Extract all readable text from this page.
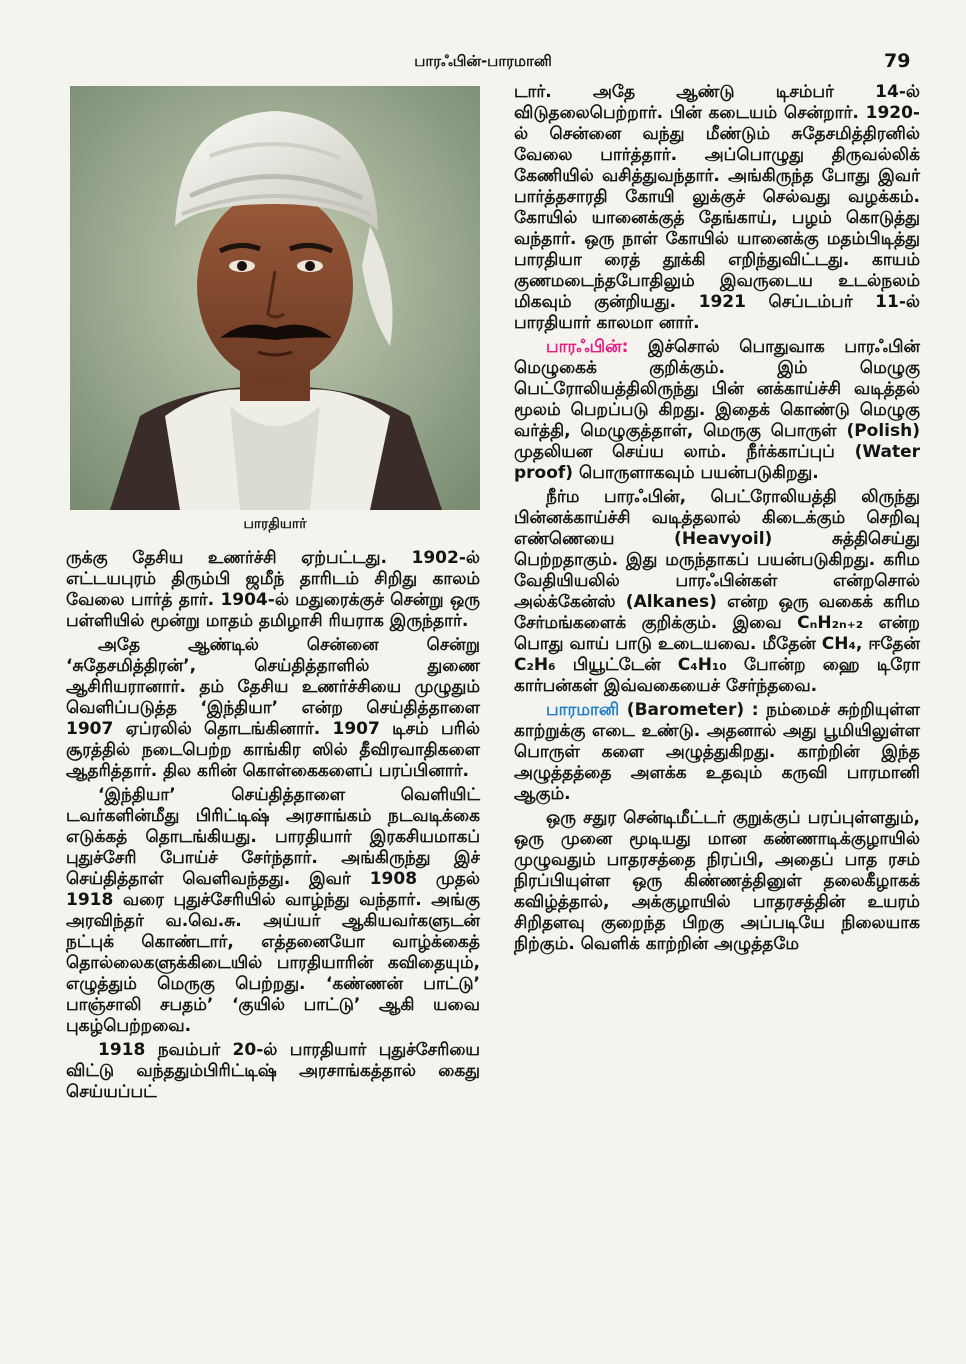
பாரஃபின்-பாரமானி	79
பாரதியார்

ருக்கு தேசிய உணர்ச்சி ஏற்பட்டது. 1902-ல் எட்டயபுரம் திரும்பி ஜமீந் தாரிடம் சிறிது காலம் வேலை பார்த் தார். 1904-ல் மதுரைக்குச் சென்று ஒரு பள்ளியில் மூன்று மாதம் தமிழாசி ரியராக இருந்தார்.

அதே ஆண்டில் சென்னை சென்று ‘சுதேசமித்திரன்’, செய்தித்தாளில் துணை ஆசிரியரானார். தம் தேசிய உணர்ச்சியை முழுதும் வெளிப்படுத்த ‘இந்தியா’ என்ற செய்தித்தாளை 1907 ஏப்ரலில் தொடங்கினார். 1907 டிசம் பரில் சூரத்தில் நடைபெற்ற காங்கிர ஸில் தீவிரவாதிகளை ஆதரித்தார். தில கரின் கொள்கைகளைப் பரப்பினார்.

‘இந்தியா’ செய்தித்தாளை வெளியிட் டவர்களின்மீது பிரிட்டிஷ் அரசாங்கம் நடவடிக்கை எடுக்கத் தொடங்கியது. பாரதியார் இரகசியமாகப் புதுச்சேரி போய்ச் சேர்ந்தார். அங்கிருந்து இச் செய்தித்தாள் வெளிவந்தது. இவர் 1908 முதல் 1918 வரை புதுச்சேரியில் வாழ்ந்து வந்தார். அங்கு அரவிந்தர் வ.வெ.சு. அய்யர் ஆகியவர்களுடன் நட்புக் கொண்டார், எத்தனையோ வாழ்க்கைத் தொல்லைகளுக்கிடையில் பாரதியாரின் கவிதையும், எழுத்தும் மெருகு பெற்றது. ‘கண்ணன் பாட்டு’ பாஞ்சாலி சபதம்’ ‘குயில் பாட்டு’ ஆகி யவை புகழ்பெற்றவை.

1918 நவம்பர் 20-ல் பாரதியார் புதுச்சேரியை விட்டு வந்ததும்பிரிட்டிஷ் அரசாங்கத்தால் கைது செய்யப்பட்

டார். அதே ஆண்டு டிசம்பர் 14-ல் விடுதலைபெற்றார். பின் கடையம் சென்றார். 1920-ல் சென்னை வந்து மீண்டும் சுதேசமித்திரனில் வேலை பார்த்தார். அப்பொழுது திருவல்லிக் கேணியில் வசித்துவந்தார். அங்கிருந்த போது இவர் பார்த்தசாரதி கோயி லுக்குச் செல்வது வழக்கம். கோயில் யானைக்குத் தேங்காய், பழம் கொடுத்து வந்தார். ஒரு நாள் கோயில் யானைக்கு மதம்பிடித்து பாரதியா ரைத் தூக்கி எறிந்துவிட்டது. காயம் குணமடைந்தபோதிலும் இவருடைய உடல்நலம் மிகவும் குன்றியது. 1921 செப்டம்பர் 11-ல் பாரதியார் காலமா னார்.

பாரஃபின்: இச்சொல் பொதுவாக பாரஃபின் மெழுகைக் குறிக்கும். இம் மெழுகு பெட்ரோலியத்திலிருந்து பின் னக்காய்ச்சி வடித்தல் மூலம் பெறப்படு கிறது. இதைக் கொண்டு மெழுகு வர்த்தி, மெழுகுத்தாள், மெருகு பொருள் (Polish) முதலியன செய்ய லாம். நீர்க்காப்புப் (Water proof) பொருளாகவும் பயன்படுகிறது.

நீர்ம பாரஃபின், பெட்ரோலியத்தி லிருந்து பின்னக்காய்ச்சி வடித்தலால் கிடைக்கும் செறிவு எண்ணெயை (Heavyoil) சுத்திசெய்து பெற்றதாகும். இது மருந்தாகப் பயன்படுகிறது. கரிம வேதியியலில் பாரஃபின்கள் என்றசொல் அல்க்கேன்ஸ் (Alkanes) என்ற ஒரு வகைக் கரிம சேர்மங்களைக் குறிக்கும். இவை CₙH₂ₙ₊₂ என்ற பொது வாய் பாடு உடையவை. மீதேன் CH₄, ஈதேன் C₂H₆ பியூட்டேன் C₄H₁₀ போன்ற ஹை டிரோ கார்பன்கள் இவ்வகையைச் சேர்ந்தவை.

பாரமானி (Barometer) : நம்மைச் சுற்றியுள்ள காற்றுக்கு எடை உண்டு. அதனால் அது பூமியிலுள்ள பொருள் களை அழுத்துகிறது. காற்றின் இந்த அழுத்தத்தை அளக்க உதவும் கருவி பாரமானி ஆகும்.

ஒரு சதுர சென்டிமீட்டர் குறுக்குப் பரப்புள்ளதும், ஒரு முனை மூடியது மான கண்ணாடிக்குழாயில் முழுவதும் பாதரசத்தை நிரப்பி, அதைப் பாத ரசம் நிரப்பியுள்ள ஒரு கிண்ணத்தினுள் தலைகீழாகக் கவிழ்த்தால், அக்குழாயில் பாதரசத்தின் உயரம் சிறிதளவு குறைந்த பிறகு அப்படியே நிலையாக நிற்கும். வெளிக் காற்றின் அழுத்தமே
